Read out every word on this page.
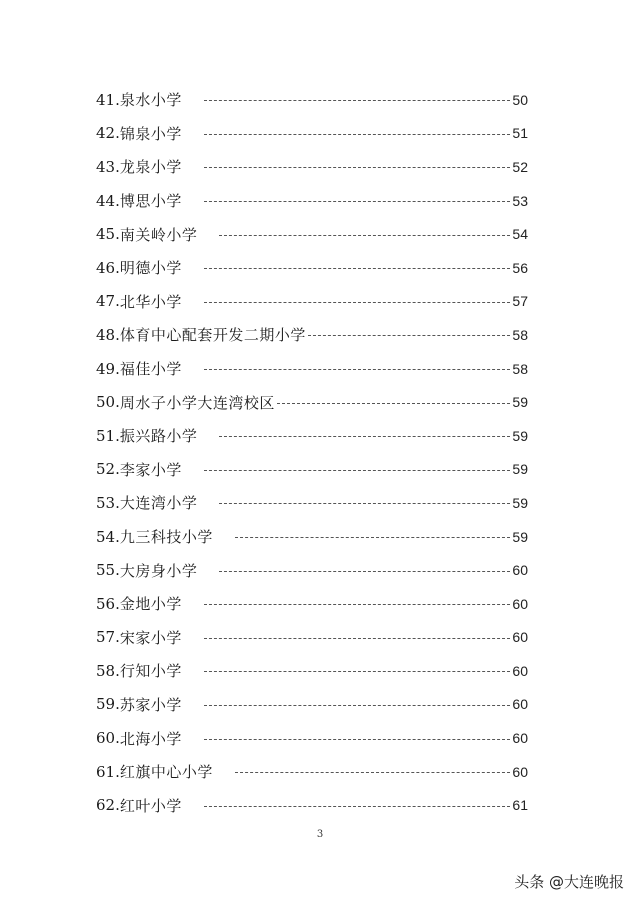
41. 泉水小学	50
42. 锦泉小学	51
43. 龙泉小学	52
44. 博思小学	53
45. 南关岭小学	54
46. 明德小学	56
47. 北华小学	57
48. 体育中心配套开发二期小学	58
49. 福佳小学	58
50. 周水子小学大连湾校区	59
51. 振兴路小学	59
52. 李家小学	59
53. 大连湾小学	59
54. 九三科技小学	59
55. 大房身小学	60
56. 金地小学	60
57. 宋家小学	60
58. 行知小学	60
59. 苏家小学	60
60. 北海小学	60
61. 红旗中心小学	60
62. 红叶小学	61
3
头条 @大连晚报
